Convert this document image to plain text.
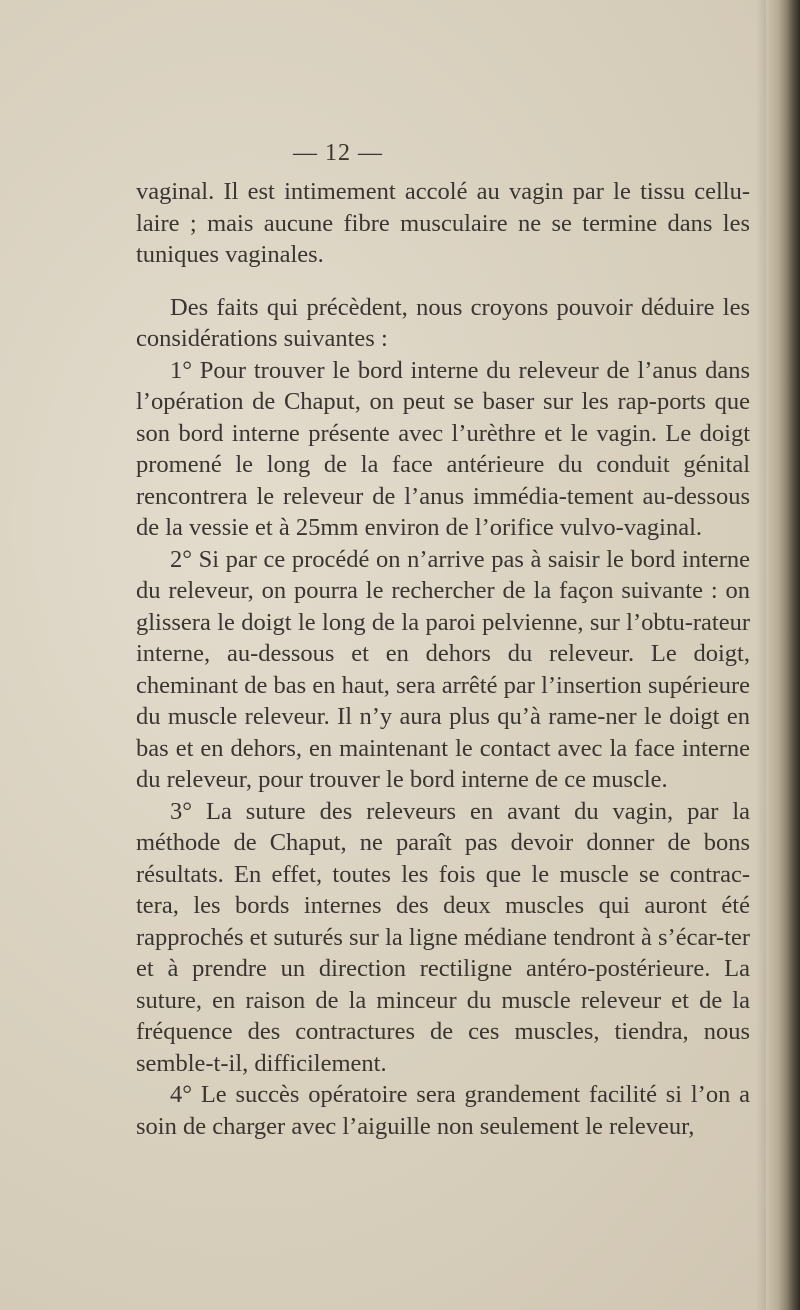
— 12 —

vaginal. Il est intimement accolé au vagin par le tissu cellu-laire ; mais aucune fibre musculaire ne se termine dans les tuniques vaginales.

Des faits qui précèdent, nous croyons pouvoir déduire les considérations suivantes :

1° Pour trouver le bord interne du releveur de l’anus dans l’opération de Chaput, on peut se baser sur les rap-ports que son bord interne présente avec l’urèthre et le vagin. Le doigt promené le long de la face antérieure du conduit génital rencontrera le releveur de l’anus immédia-tement au-dessous de la vessie et à 25mm environ de l’orifice vulvo-vaginal.

2° Si par ce procédé on n’arrive pas à saisir le bord interne du releveur, on pourra le rechercher de la façon suivante : on glissera le doigt le long de la paroi pelvienne, sur l’obtu-rateur interne, au-dessous et en dehors du releveur. Le doigt, cheminant de bas en haut, sera arrêté par l’insertion supérieure du muscle releveur. Il n’y aura plus qu’à rame-ner le doigt en bas et en dehors, en maintenant le contact avec la face interne du releveur, pour trouver le bord interne de ce muscle.

3° La suture des releveurs en avant du vagin, par la méthode de Chaput, ne paraît pas devoir donner de bons résultats. En effet, toutes les fois que le muscle se contrac-tera, les bords internes des deux muscles qui auront été rapprochés et suturés sur la ligne médiane tendront à s’écar-ter et à prendre un direction rectiligne antéro-postérieure. La suture, en raison de la minceur du muscle releveur et de la fréquence des contractures de ces muscles, tiendra, nous semble-t-il, difficilement.

4° Le succès opératoire sera grandement facilité si l’on a soin de charger avec l’aiguille non seulement le releveur,
